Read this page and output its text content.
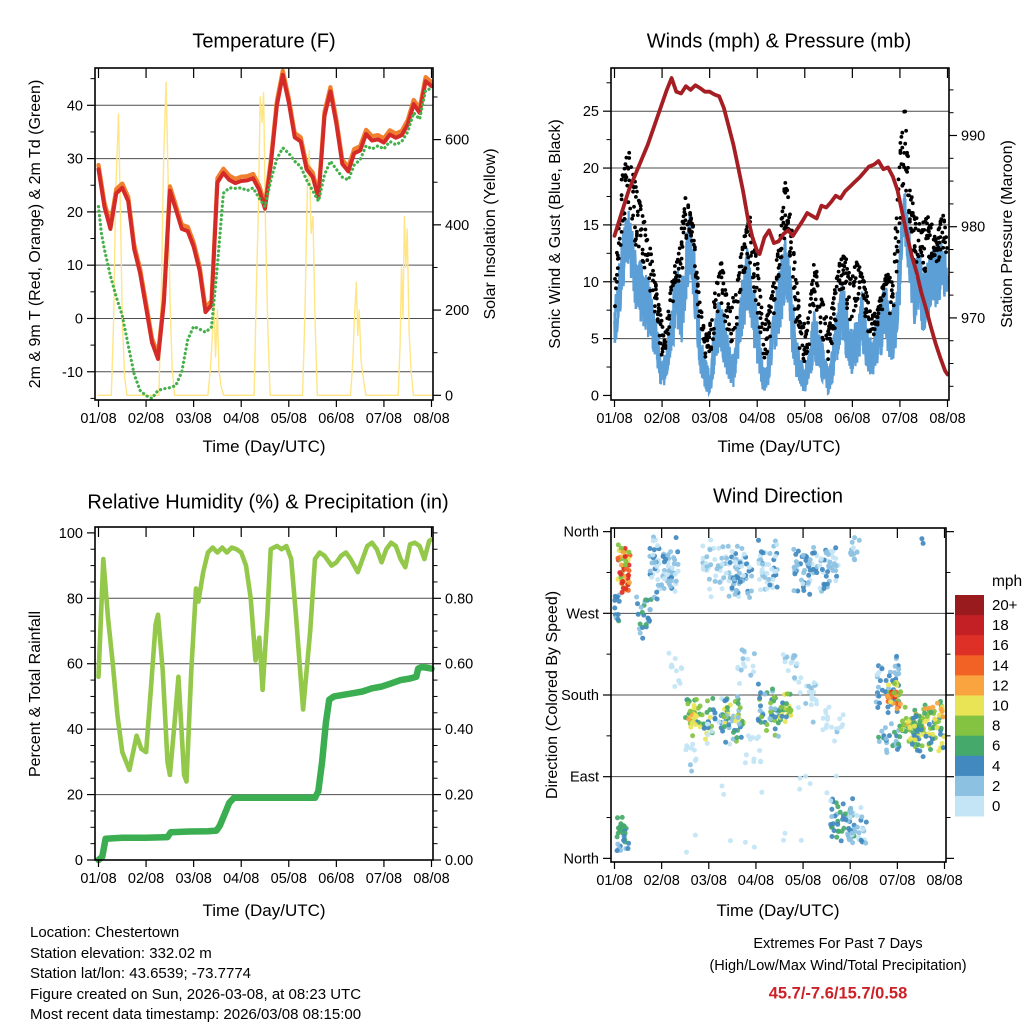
01/08 02/08 03/08 04/08 05/08 06/08 07/08 08/08
-10
0
10
20
30
40
0
200
400
600
01/08 02/08 03/08 04/08 05/08 06/08 07/08 08/08
0
5
10
15
20
25
970
980
990
01/08 02/08 03/08 04/08 05/08 06/08 07/08 08/08
0
20
40
60
80
100
0.00
0.20
0.40
0.60
0.80
01/08 02/08 03/08 04/08 05/08 06/08 07/08 08/08
North
West
South
East
North
mph
20+
18
16
14
12
10
8
6
4
2
0
Temperature (F)	Winds (mph) & Pressure (mb)
Relative Humidity (%) & Precipitation (in)	Wind Direction
Time (Day/UTC)	Time (Day/UTC)
Time (Day/UTC)	Time (Day/UTC)
2m & 9m T (Red, Orange) & 2m Td (Green)	Solar Insolation (Yellow)	Sonic Wind & Gust (Blue, Black)	Station Pressure (Maroon)
Percent & Total Rainfall	Direction (Colored By Speed)
Location: Chestertown
Station elevation: 332.02 m
Station lat/lon: 43.6539; -73.7774
Figure created on Sun, 2026-03-08, at 08:23 UTC
Most recent data timestamp: 2026/03/08 08:15:00
Extremes For Past 7 Days
(High/Low/Max Wind/Total Precipitation)
45.7/-7.6/15.7/0.58
